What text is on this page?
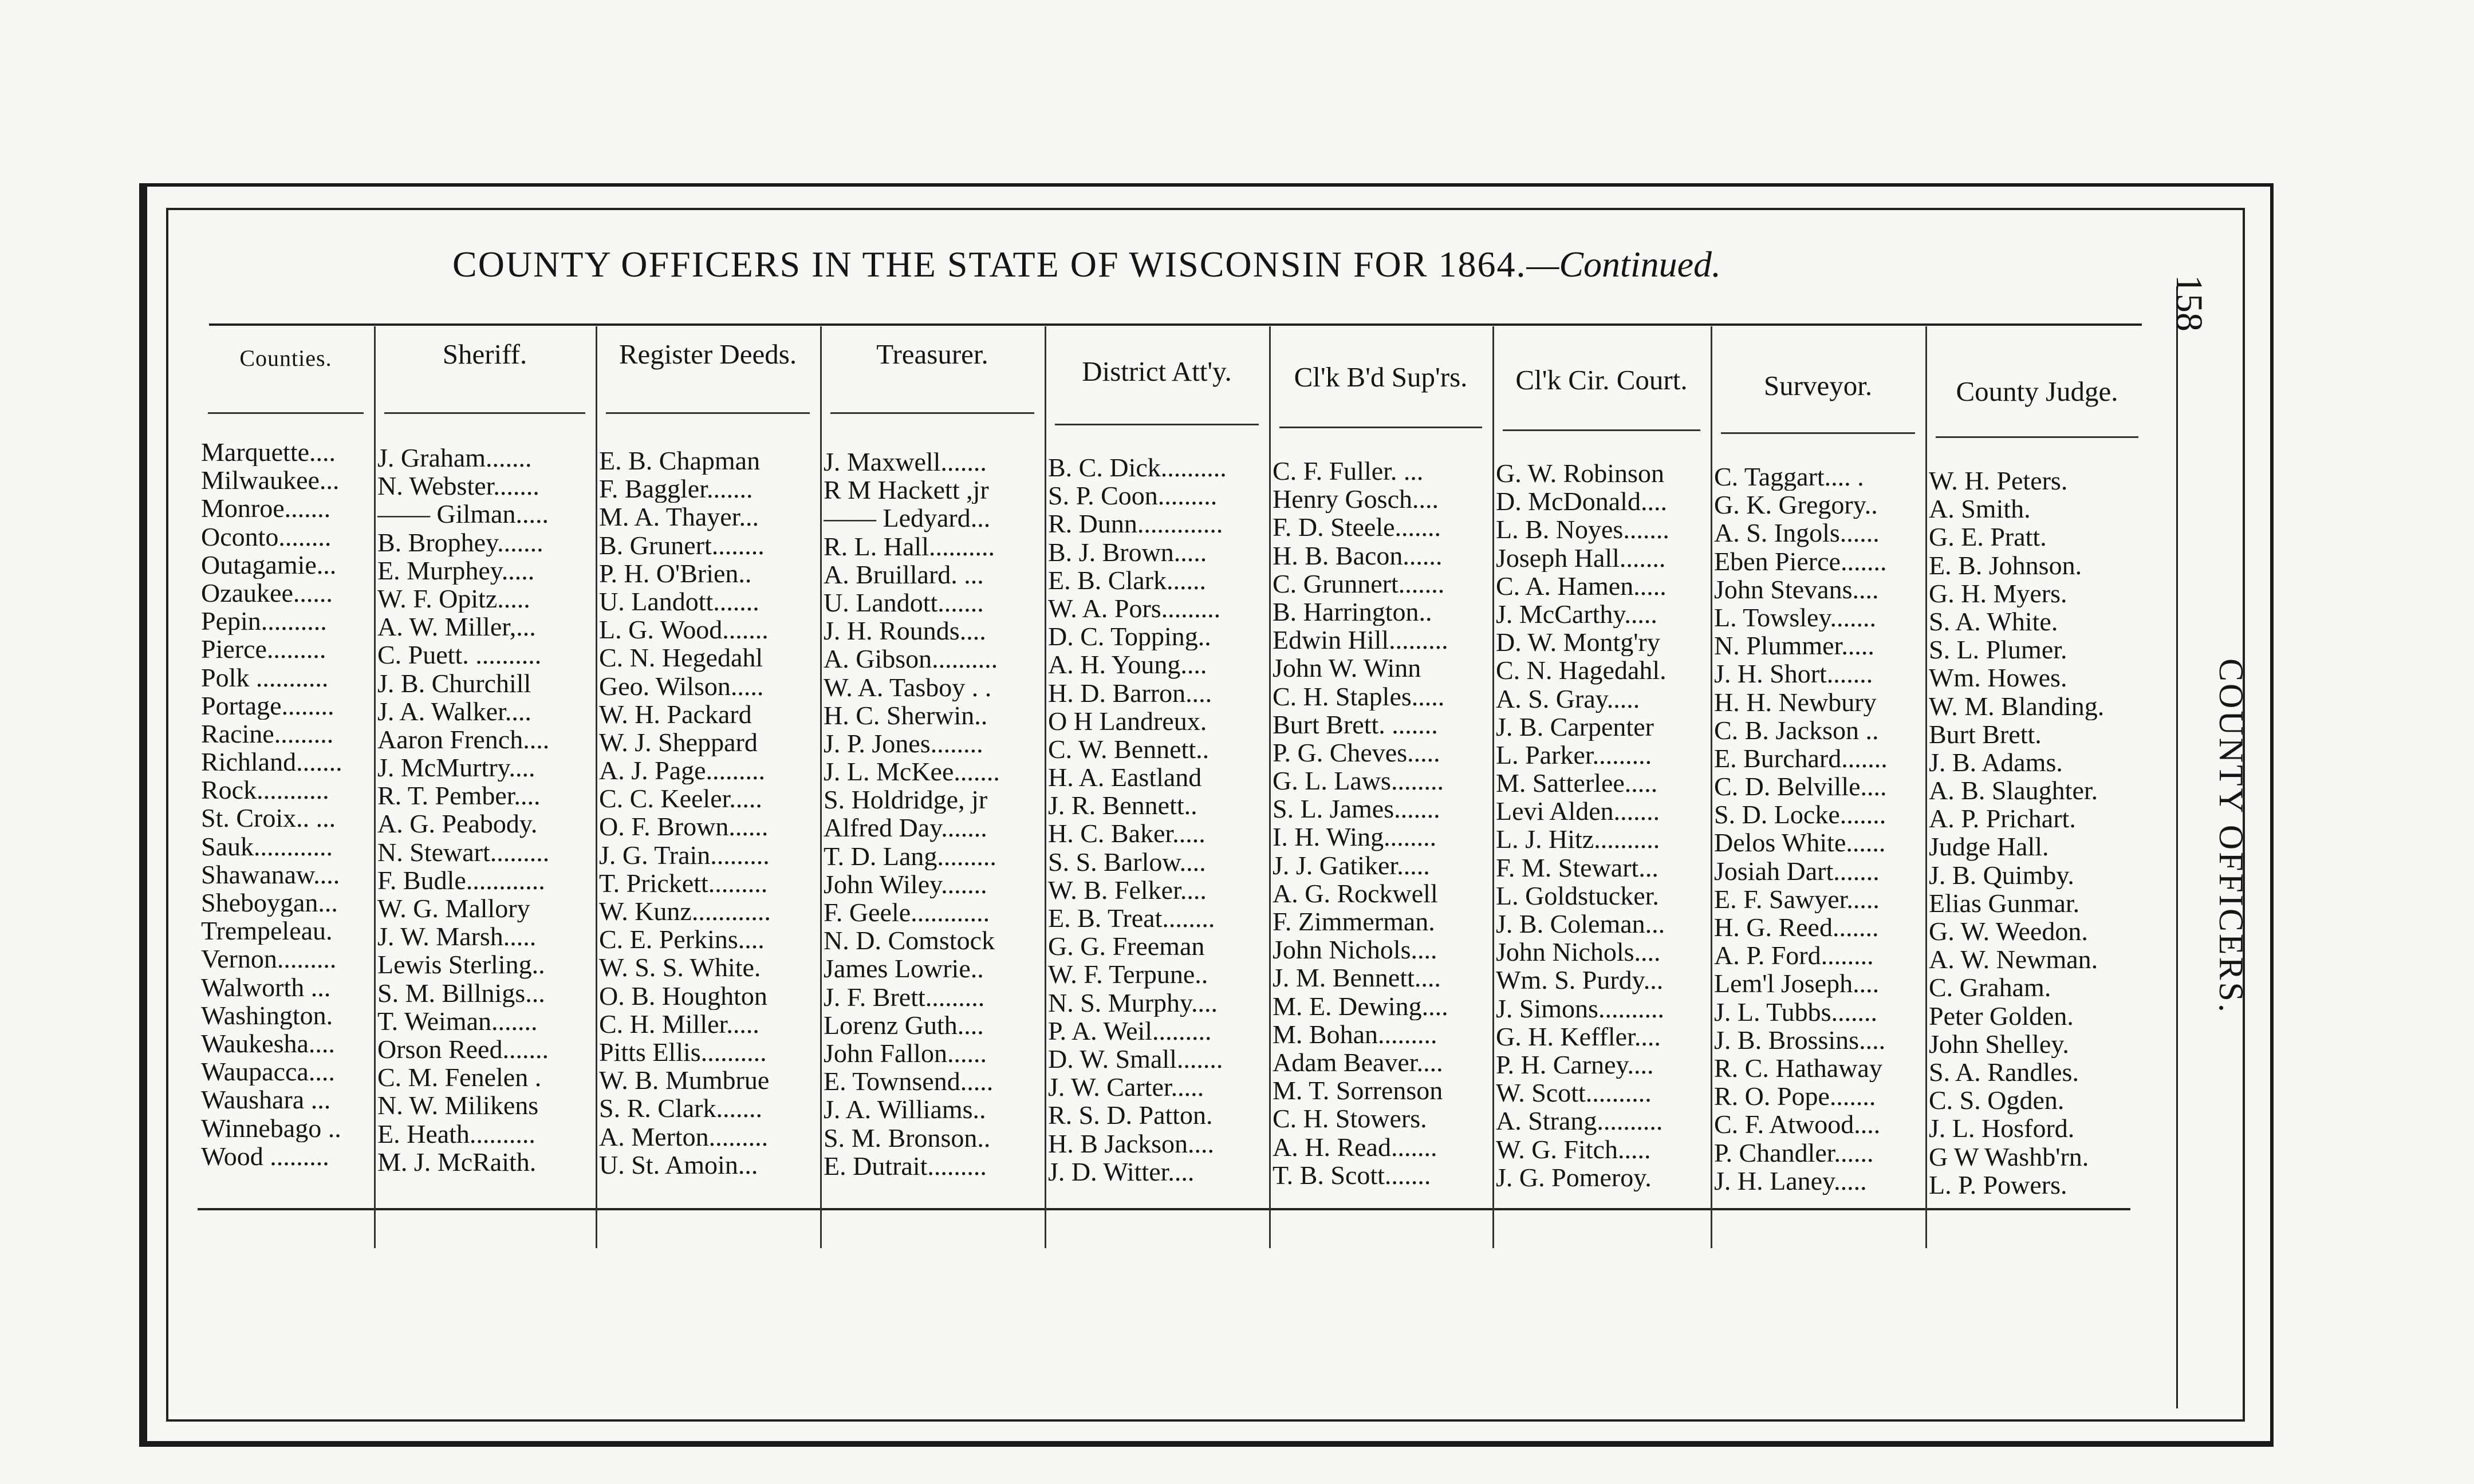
COUNTY OFFICERS IN THE STATE OF WISCONSIN FOR 1864.—Continued.
158
COUNTY OFFICERS.
Counties.
Marquette....
Milwaukee...
Monroe.......
Oconto........
Outagamie...
Ozaukee......
Pepin..........
Pierce.........
Polk ...........
Portage........
Racine.........
Richland.......
Rock...........
St. Croix.. ...
Sauk............
Shawanaw....
Sheboygan...
Trempeleau.
Vernon.........
Walworth ...
Washington.
Waukesha....
Waupacca....
Waushara ...
Winnebago ..
Wood .........
Sheriff.
J. Graham.......
N. Webster.......
—— Gilman.....
B. Brophey.......
E. Murphey.....
W. F. Opitz.....
A. W. Miller,...
C. Puett. ..........
J. B. Churchill
J. A. Walker....
Aaron French....
J. McMurtry....
R. T. Pember....
A. G. Peabody.
N. Stewart.........
F. Budle............
W. G. Mallory
J. W. Marsh.....
Lewis Sterling..
S. M. Billnigs...
T. Weiman.......
Orson Reed.......
C. M. Fenelen .
N. W. Milikens
E. Heath..........
M. J. McRaith.
Register Deeds.
E. B. Chapman
F. Baggler.......
M. A. Thayer...
B. Grunert........
P. H. O'Brien..
U. Landott.......
L. G. Wood.......
C. N. Hegedahl
Geo. Wilson.....
W. H. Packard
W. J. Sheppard
A. J. Page.........
C. C. Keeler.....
O. F. Brown......
J. G. Train.........
T. Prickett.........
W. Kunz............
C. E. Perkins....
W. S. S. White.
O. B. Houghton
C. H. Miller.....
Pitts Ellis..........
W. B. Mumbrue
S. R. Clark.......
A. Merton.........
U. St. Amoin...
Treasurer.
J. Maxwell.......
R M Hackett ,jr
—— Ledyard...
R. L. Hall..........
A. Bruillard. ...
U. Landott.......
J. H. Rounds....
A. Gibson..........
W. A. Tasboy . .
H. C. Sherwin..
J. P. Jones........
J. L. McKee.......
S. Holdridge, jr
Alfred Day.......
T. D. Lang.........
John Wiley.......
F. Geele............
N. D. Comstock
James Lowrie..
J. F. Brett.........
Lorenz Guth....
John Fallon......
E. Townsend.....
J. A. Williams..
S. M. Bronson..
E. Dutrait.........
District Att'y.
B. C. Dick..........
S. P. Coon.........
R. Dunn.............
B. J. Brown.....
E. B. Clark......
W. A. Pors.........
D. C. Topping..
A. H. Young....
H. D. Barron....
O H Landreux.
C. W. Bennett..
H. A. Eastland
J. R. Bennett..
H. C. Baker.....
S. S. Barlow....
W. B. Felker....
E. B. Treat........
G. G. Freeman
W. F. Terpune..
N. S. Murphy....
P. A. Weil.........
D. W. Small.......
J. W. Carter.....
R. S. D. Patton.
H. B Jackson....
J. D. Witter....
Cl'k B'd Sup'rs.
C. F. Fuller. ...
Henry Gosch....
F. D. Steele.......
H. B. Bacon......
C. Grunnert.......
B. Harrington..
Edwin Hill.........
John W. Winn
C. H. Staples.....
Burt Brett. .......
P. G. Cheves.....
G. L. Laws........
S. L. James.......
I. H. Wing........
J. J. Gatiker.....
A. G. Rockwell
F. Zimmerman.
John Nichols....
J. M. Bennett....
M. E. Dewing....
M. Bohan.........
Adam Beaver....
M. T. Sorrenson
C. H. Stowers.
A. H. Read.......
T. B. Scott.......
Cl'k Cir. Court.
G. W. Robinson
D. McDonald....
L. B. Noyes.......
Joseph Hall.......
C. A. Hamen.....
J. McCarthy.....
D. W. Montg'ry
C. N. Hagedahl.
A. S. Gray.....
J. B. Carpenter
L. Parker.........
M. Satterlee.....
Levi Alden.......
L. J. Hitz..........
F. M. Stewart...
L. Goldstucker.
J. B. Coleman...
John Nichols....
Wm. S. Purdy...
J. Simons..........
G. H. Keffler....
P. H. Carney....
W. Scott..........
A. Strang..........
W. G. Fitch.....
J. G. Pomeroy.
Surveyor.
C. Taggart.... .
G. K. Gregory..
A. S. Ingols......
Eben Pierce.......
John Stevans....
L. Towsley.......
N. Plummer.....
J. H. Short.......
H. H. Newbury
C. B. Jackson ..
E. Burchard.......
C. D. Belville....
S. D. Locke.......
Delos White......
Josiah Dart.......
E. F. Sawyer.....
H. G. Reed.......
A. P. Ford........
Lem'l Joseph....
J. L. Tubbs.......
J. B. Brossins....
R. C. Hathaway
R. O. Pope.......
C. F. Atwood....
P. Chandler......
J. H. Laney.....
County Judge.
W. H. Peters.
A. Smith.
G. E. Pratt.
E. B. Johnson.
G. H. Myers.
S. A. White.
S. L. Plumer.
Wm. Howes.
W. M. Blanding.
Burt Brett.
J. B. Adams.
A. B. Slaughter.
A. P. Prichart.
Judge Hall.
J. B. Quimby.
Elias Gunmar.
G. W. Weedon.
A. W. Newman.
C. Graham.
Peter Golden.
John Shelley.
S. A. Randles.
C. S. Ogden.
J. L. Hosford.
G W Washb'rn.
L. P. Powers.
